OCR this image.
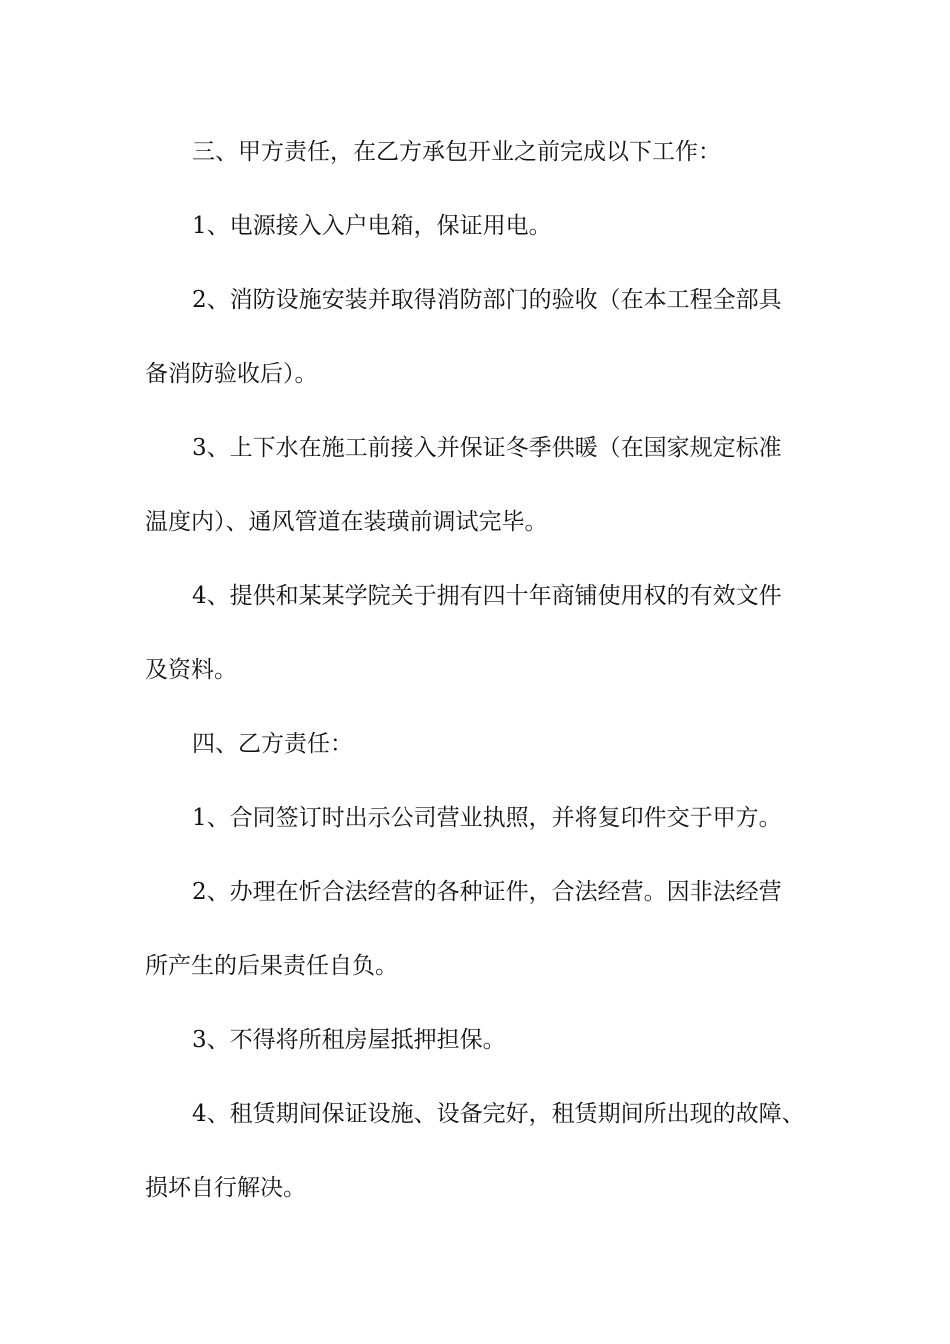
三、甲方责任，在乙方承包开业之前完成以下工作：
1、电源接入入户电箱，保证用电。
2、消防设施安装并取得消防部门的验收（在本工程全部具
备消防验收后）。
3、上下水在施工前接入并保证冬季供暖（在国家规定标准
温度内）、通风管道在装璜前调试完毕。
4、提供和某某学院关于拥有四十年商铺使用权的有效文件
及资料。
四、乙方责任：
1、合同签订时出示公司营业执照，并将复印件交于甲方。
2、办理在忻合法经营的各种证件，合法经营。因非法经营
所产生的后果责任自负。
3、不得将所租房屋抵押担保。
4、租赁期间保证设施、设备完好，租赁期间所出现的故障、
损坏自行解决。
